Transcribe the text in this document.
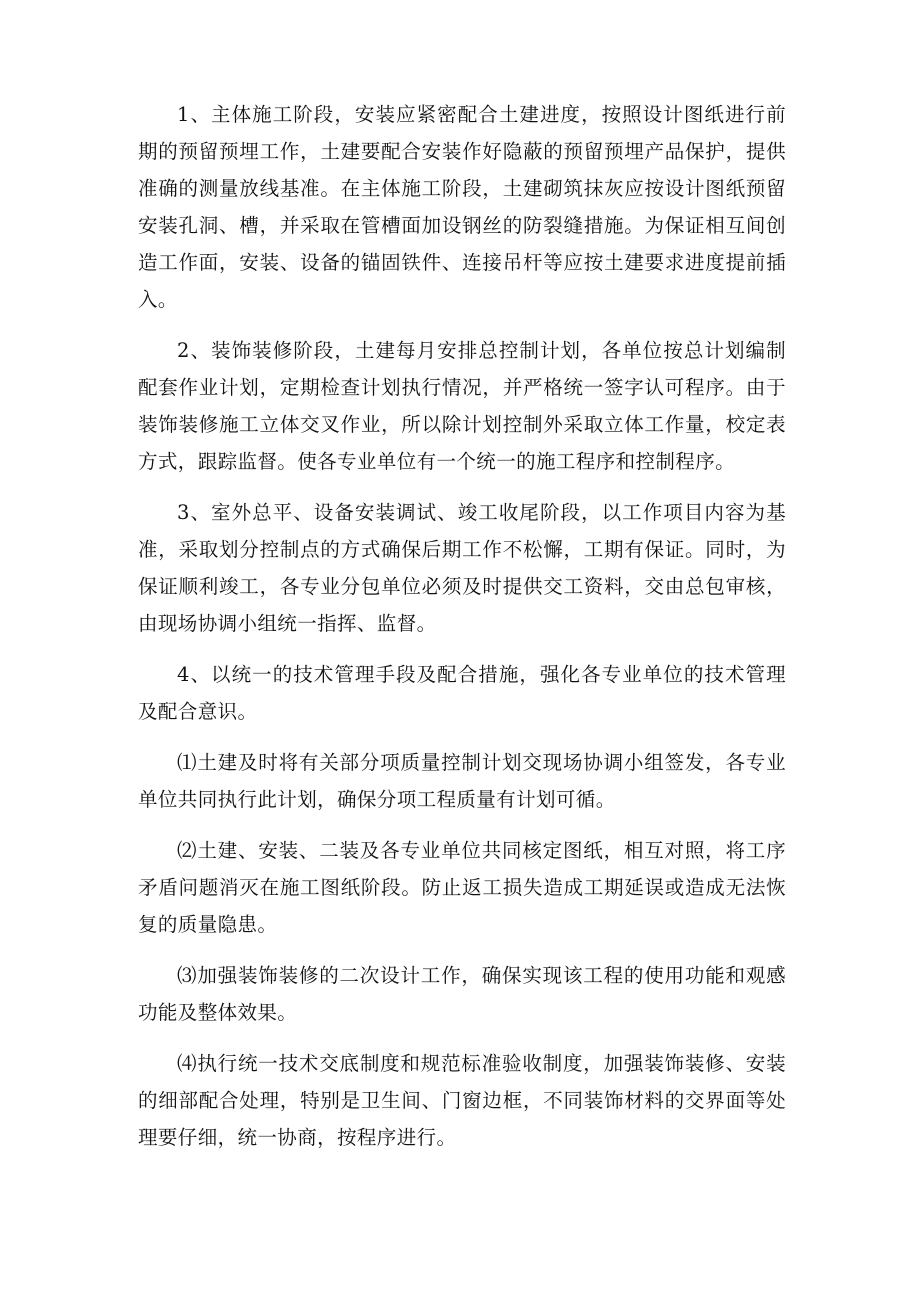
1、主体施工阶段，安装应紧密配合土建进度，按照设计图纸进行前期的预留预埋工作，土建要配合安装作好隐蔽的预留预埋产品保护，提供准确的测量放线基准。在主体施工阶段，土建砌筑抹灰应按设计图纸预留安装孔洞、槽，并采取在管槽面加设钢丝的防裂缝措施。为保证相互间创造工作面，安装、设备的锚固铁件、连接吊杆等应按土建要求进度提前插入。

2、装饰装修阶段，土建每月安排总控制计划，各单位按总计划编制配套作业计划，定期检查计划执行情况，并严格统一签字认可程序。由于装饰装修施工立体交叉作业，所以除计划控制外采取立体工作量，校定表方式，跟踪监督。使各专业单位有一个统一的施工程序和控制程序。

3、室外总平、设备安装调试、竣工收尾阶段，以工作项目内容为基准，采取划分控制点的方式确保后期工作不松懈，工期有保证。同时，为保证顺利竣工，各专业分包单位必须及时提供交工资料，交由总包审核，由现场协调小组统一指挥、监督。

4、以统一的技术管理手段及配合措施，强化各专业单位的技术管理及配合意识。

⑴土建及时将有关部分项质量控制计划交现场协调小组签发，各专业单位共同执行此计划，确保分项工程质量有计划可循。

⑵土建、安装、二装及各专业单位共同核定图纸，相互对照，将工序矛盾问题消灭在施工图纸阶段。防止返工损失造成工期延误或造成无法恢复的质量隐患。

⑶加强装饰装修的二次设计工作，确保实现该工程的使用功能和观感功能及整体效果。

⑷执行统一技术交底制度和规范标准验收制度，加强装饰装修、安装的细部配合处理，特别是卫生间、门窗边框，不同装饰材料的交界面等处理要仔细，统一协商，按程序进行。
